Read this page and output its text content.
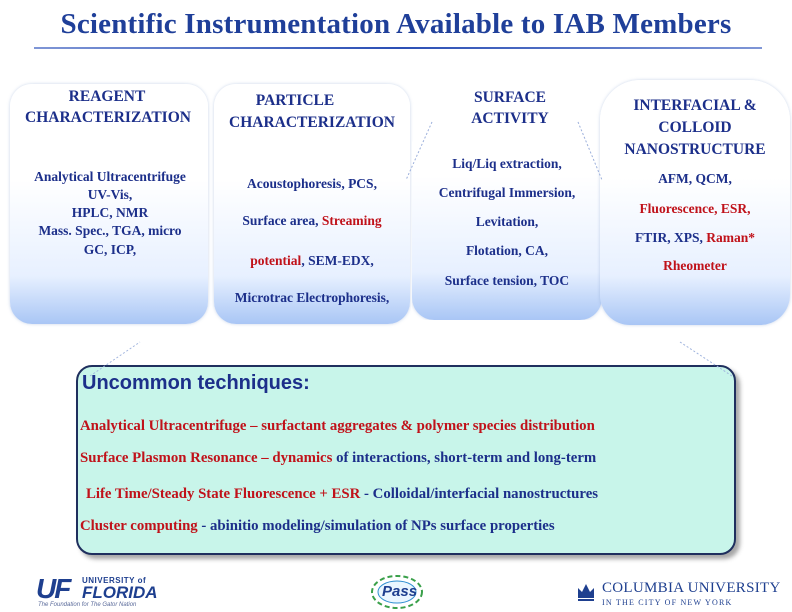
Scientific Instrumentation Available to IAB Members
REAGENT
CHARACTERIZATION
PARTICLE
CHARACTERIZATION
SURFACE
ACTIVITY
INTERFACIAL &
COLLOID
NANOSTRUCTURE
Analytical Ultracentrifuge
UV-Vis,
HPLC, NMR
Mass. Spec., TGA, micro
GC, ICP,
Acoustophoresis, PCS,
Surface area, Streaming
potential, SEM-EDX,
Microtrac Electrophoresis,
Liq/Liq extraction,
Centrifugal Immersion,
Levitation,
Flotation, CA,
Surface tension, TOC
AFM, QCM,
Fluorescence, ESR,
FTIR, XPS, Raman*
Rheometer
Uncommon techniques:
Analytical Ultracentrifuge – surfactant aggregates & polymer species distribution
Surface Plasmon Resonance – dynamics of interactions, short-term and long-term
Life Time/Steady State Fluorescence + ESR - Colloidal/interfacial nanostructures
Cluster computing - abinitio modeling/simulation of NPs surface properties
UF UNIVERSITY of
FLORIDA
The Foundation for The Gator Nation
Pass	COLUMBIA UNIVERSITY
IN THE CITY OF NEW YORK
